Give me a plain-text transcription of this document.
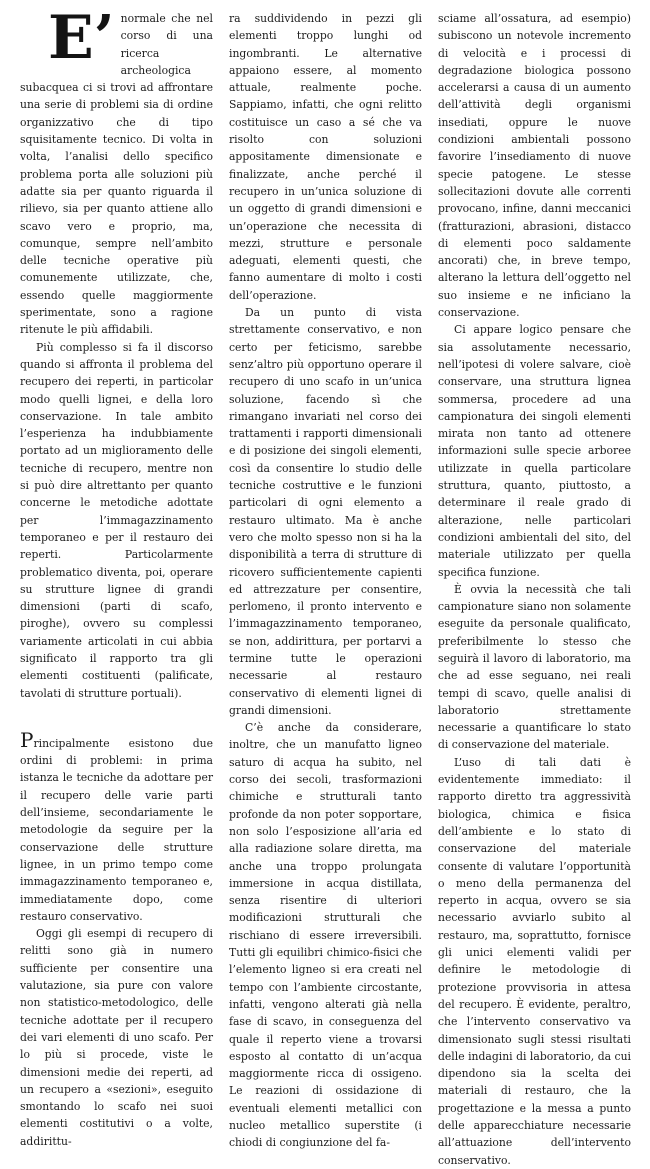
E’ normale che nel corso di una ricerca archeologica subacquea ci si trovi ad affrontare una serie di problemi sia di ordine organizzativo che di tipo squisitamente tecnico. Di volta in volta, l’analisi dello specifico problema porta alle soluzioni più adatte sia per quanto riguarda il rilievo, sia per quanto attiene allo scavo vero e proprio, ma, comunque, sempre nell’ambito delle tecniche operative più comunemente utilizzate, che, essendo quelle maggiormente sperimentate, sono a ragione ritenute le più affidabili.

Più complesso si fa il discorso quando si affronta il problema del recupero dei reperti, in particolar modo quelli lignei, e della loro conservazione. In tale ambito l’esperienza ha indubbiamente portato ad un miglioramento delle tecniche di recupero, mentre non si può dire altrettanto per quanto concerne le metodiche adottate per l’immagazzinamento temporaneo e per il restauro dei reperti. Particolarmente problematico diventa, poi, operare su strutture lignee di grandi dimensioni (parti di scafo, piroghe), ovvero su complessi variamente articolati in cui abbia significato il rapporto tra gli elementi costituenti (palificate, tavolati di strutture portuali).

Principalmente esistono due ordini di problemi: in prima istanza le tecniche da adottare per il recupero delle varie parti dell’insieme, secondariamente le metodologie da seguire per la conservazione delle strutture lignee, in un primo tempo come immagazzinamento temporaneo e, immediatamente dopo, come restauro conservativo.

Oggi gli esempi di recupero di relitti sono già in numero sufficiente per consentire una valutazione, sia pure con valore non statistico-metodologico, delle tecniche adottate per il recupero dei vari elementi di uno scafo. Per lo più si procede, viste le dimensioni medie dei reperti, ad un recupero a «sezioni», eseguito smontando lo scafo nei suoi elementi costitutivi o a volte, addirittu-

ra suddividendo in pezzi gli elementi troppo lunghi od ingombranti. Le alternative appaiono essere, al momento attuale, realmente poche. Sappiamo, infatti, che ogni relitto costituisce un caso a sé che va risolto con soluzioni appositamente dimensionate e finalizzate, anche perché il recupero in un’unica soluzione di un oggetto di grandi dimensioni e un’operazione che necessita di mezzi, strutture e personale adeguati, elementi questi, che fanno aumentare di molto i costi dell’operazione.

Da un punto di vista strettamente conservativo, e non certo per feticismo, sarebbe senz’altro più opportuno operare il recupero di uno scafo in un’unica soluzione, facendo sì che rimangano invariati nel corso dei trattamenti i rapporti dimensionali e di posizione dei singoli elementi, così da consentire lo studio delle tecniche costruttive e le funzioni particolari di ogni elemento a restauro ultimato. Ma è anche vero che molto spesso non si ha la disponibilità a terra di strutture di ricovero sufficientemente capienti ed attrezzature per consentire, perlomeno, il pronto intervento e l’immagazzinamento temporaneo, se non, addirittura, per portarvi a termine tutte le operazioni necessarie al restauro conservativo di elementi lignei di grandi dimensioni.

C’è anche da considerare, inoltre, che un manufatto ligneo saturo di acqua ha subito, nel corso dei secoli, trasformazioni chimiche e strutturali tanto profonde da non poter sopportare, non solo l’esposizione all’aria ed alla radiazione solare diretta, ma anche una troppo prolungata immersione in acqua distillata, senza risentire di ulteriori modificazioni strutturali che rischiano di essere irreversibili. Tutti gli equilibri chimico-fisici che l’elemento ligneo si era creati nel tempo con l’ambiente circostante, infatti, vengono alterati già nella fase di scavo, in conseguenza del quale il reperto viene a trovarsi esposto al contatto di un’acqua maggiormente ricca di ossigeno. Le reazioni di ossidazione di eventuali elementi metallici con nucleo metallico superstite (i chiodi di congiunzione del fa-

sciame all’ossatura, ad esempio) subiscono un notevole incremento di velocità e i processi di degradazione biologica possono accelerarsi a causa di un aumento dell’attività degli organismi insediati, oppure le nuove condizioni ambientali possono favorire l’insediamento di nuove specie patogene. Le stesse sollecitazioni dovute alle correnti provocano, infine, danni meccanici (fratturazioni, abrasioni, distacco di elementi poco saldamente ancorati) che, in breve tempo, alterano la lettura dell’oggetto nel suo insieme e ne inficiano la conservazione.

Ci appare logico pensare che sia assolutamente necessario, nell’ipotesi di volere salvare, cioè conservare, una struttura lignea sommersa, procedere ad una campionatura dei singoli elementi mirata non tanto ad ottenere informazioni sulle specie arboree utilizzate in quella particolare struttura, quanto, piuttosto, a determinare il reale grado di alterazione, nelle particolari condizioni ambientali del sito, del materiale utilizzato per quella specifica funzione.

È ovvia la necessità che tali campionature siano non solamente eseguite da personale qualificato, preferibilmente lo stesso che seguirà il lavoro di laboratorio, ma che ad esse seguano, nei reali tempi di scavo, quelle analisi di laboratorio strettamente necessarie a quantificare lo stato di conservazione del materiale.

L’uso di tali dati è evidentemente immediato: il rapporto diretto tra aggressività biologica, chimica e fisica dell’ambiente e lo stato di conservazione del materiale consente di valutare l’opportunità o meno della permanenza del reperto in acqua, ovvero se sia necessario avviarlo subito al restauro, ma, soprattutto, fornisce gli unici elementi validi per definire le metodologie di protezione provvisoria in attesa del recupero. È evidente, peraltro, che l’intervento conservativo va dimensionato sugli stessi risultati delle indagini di laboratorio, da cui dipendono sia la scelta dei materiali di restauro, che la progettazione e la messa a punto delle apparecchiature necessarie all’attuazione dell’intervento conservativo.
